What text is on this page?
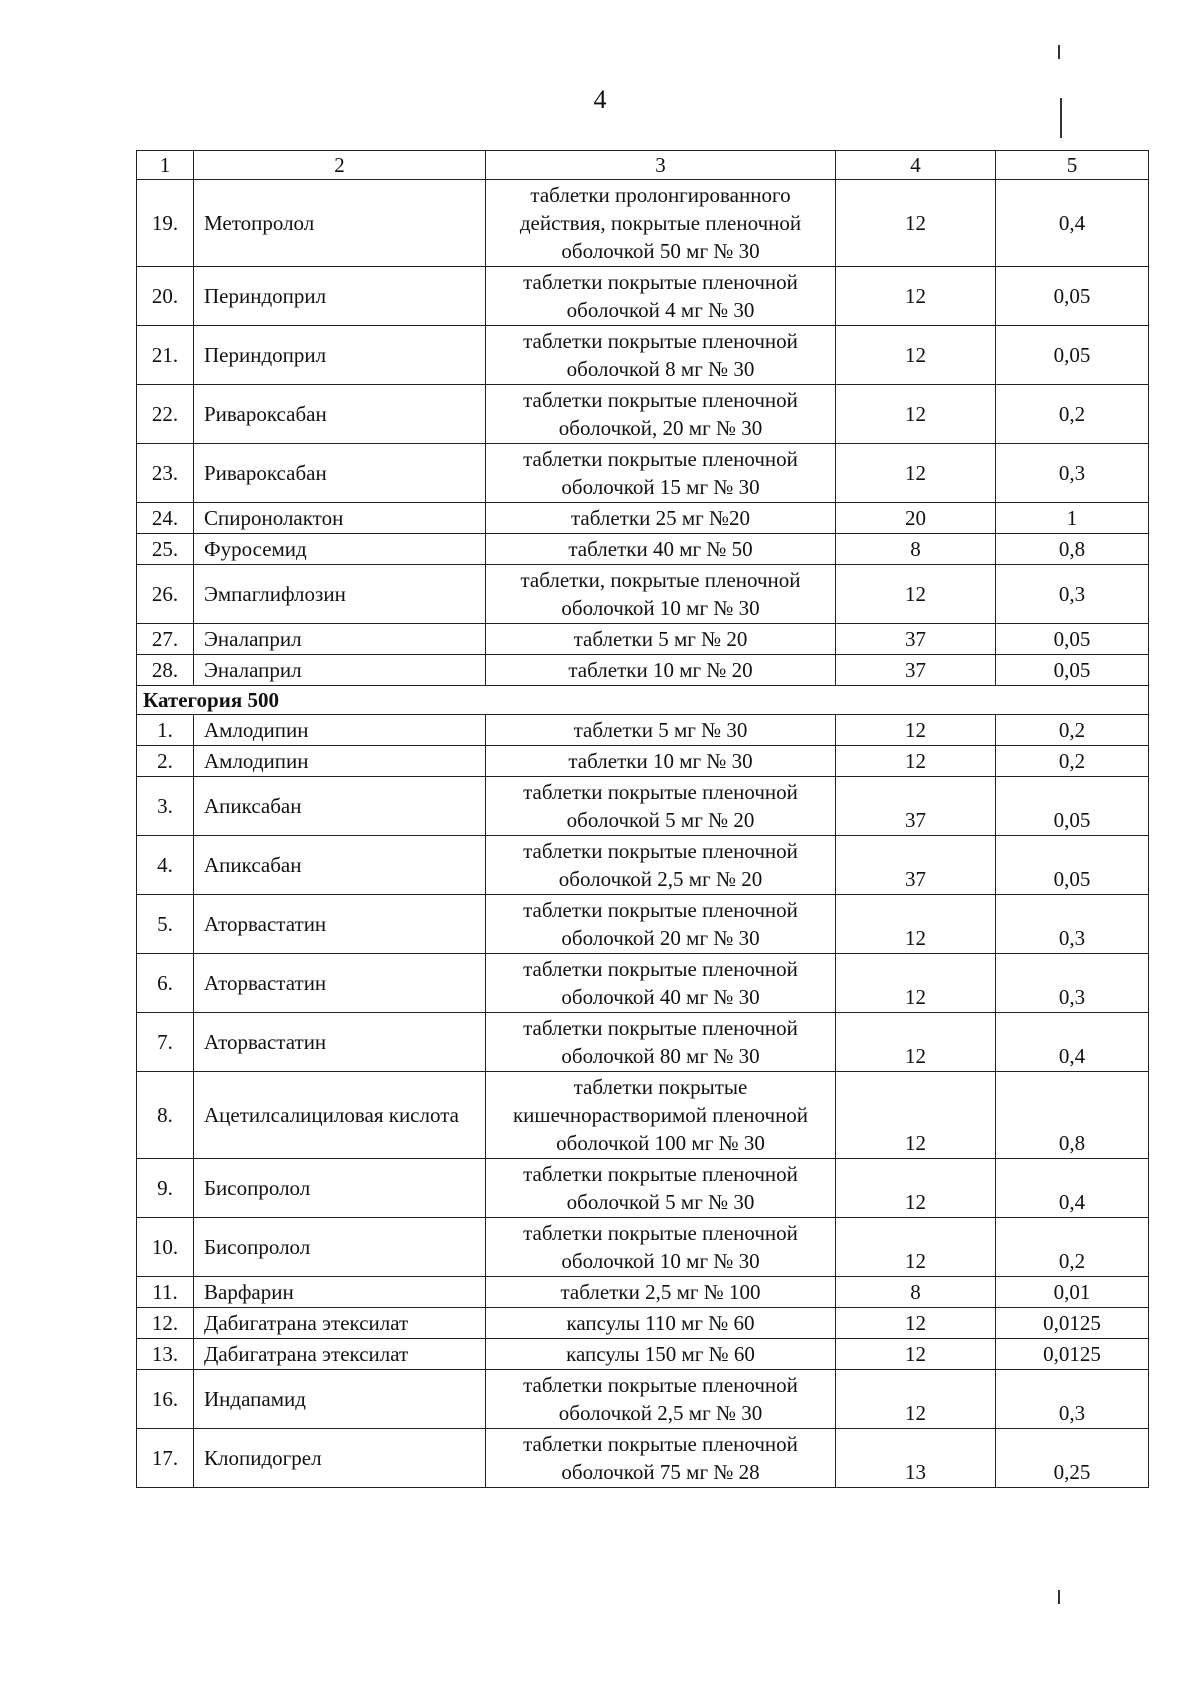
4
1	2	3	4	5
19.	Метопролол	таблетки пролонгированного действия, покрытые пленочной оболочкой 50 мг № 30	12	0,4
20.	Периндоприл	таблетки покрытые пленочной оболочкой 4 мг № 30	12	0,05
21.	Периндоприл	таблетки покрытые пленочной оболочкой 8 мг № 30	12	0,05
22.	Ривароксабан	таблетки покрытые пленочной оболочкой, 20 мг № 30	12	0,2
23.	Ривароксабан	таблетки покрытые пленочной оболочкой 15 мг № 30	12	0,3
24.	Спиронолактон	таблетки 25 мг №20	20	1
25.	Фуросемид	таблетки 40 мг № 50	8	0,8
26.	Эмпаглифлозин	таблетки, покрытые пленочной оболочкой 10 мг № 30	12	0,3
27.	Эналаприл	таблетки 5 мг № 20	37	0,05
28.	Эналаприл	таблетки 10 мг № 20	37	0,05
Категория 500				
1.	Амлодипин	таблетки 5 мг № 30	12	0,2
2.	Амлодипин	таблетки 10 мг № 30	12	0,2
3.	Апиксабан	таблетки покрытые пленочной оболочкой 5 мг № 20	37	0,05
4.	Апиксабан	таблетки покрытые пленочной оболочкой 2,5 мг № 20	37	0,05
5.	Аторвастатин	таблетки покрытые пленочной оболочкой 20 мг № 30	12	0,3
6.	Аторвастатин	таблетки покрытые пленочной оболочкой 40 мг № 30	12	0,3
7.	Аторвастатин	таблетки покрытые пленочной оболочкой 80 мг № 30	12	0,4
8.	Ацетилсалициловая кислота	таблетки покрытые кишечнорастворимой пленочной оболочкой 100 мг № 30	12	0,8
9.	Бисопролол	таблетки покрытые пленочной оболочкой 5 мг № 30	12	0,4
10.	Бисопролол	таблетки покрытые пленочной оболочкой 10 мг № 30	12	0,2
11.	Варфарин	таблетки 2,5 мг № 100	8	0,01
12.	Дабигатрана этексилат	капсулы 110 мг № 60	12	0,0125
13.	Дабигатрана этексилат	капсулы 150 мг № 60	12	0,0125
16.	Индапамид	таблетки покрытые пленочной оболочкой 2,5 мг № 30	12	0,3
17.	Клопидогрел	таблетки покрытые пленочной оболочкой 75 мг № 28	13	0,25
